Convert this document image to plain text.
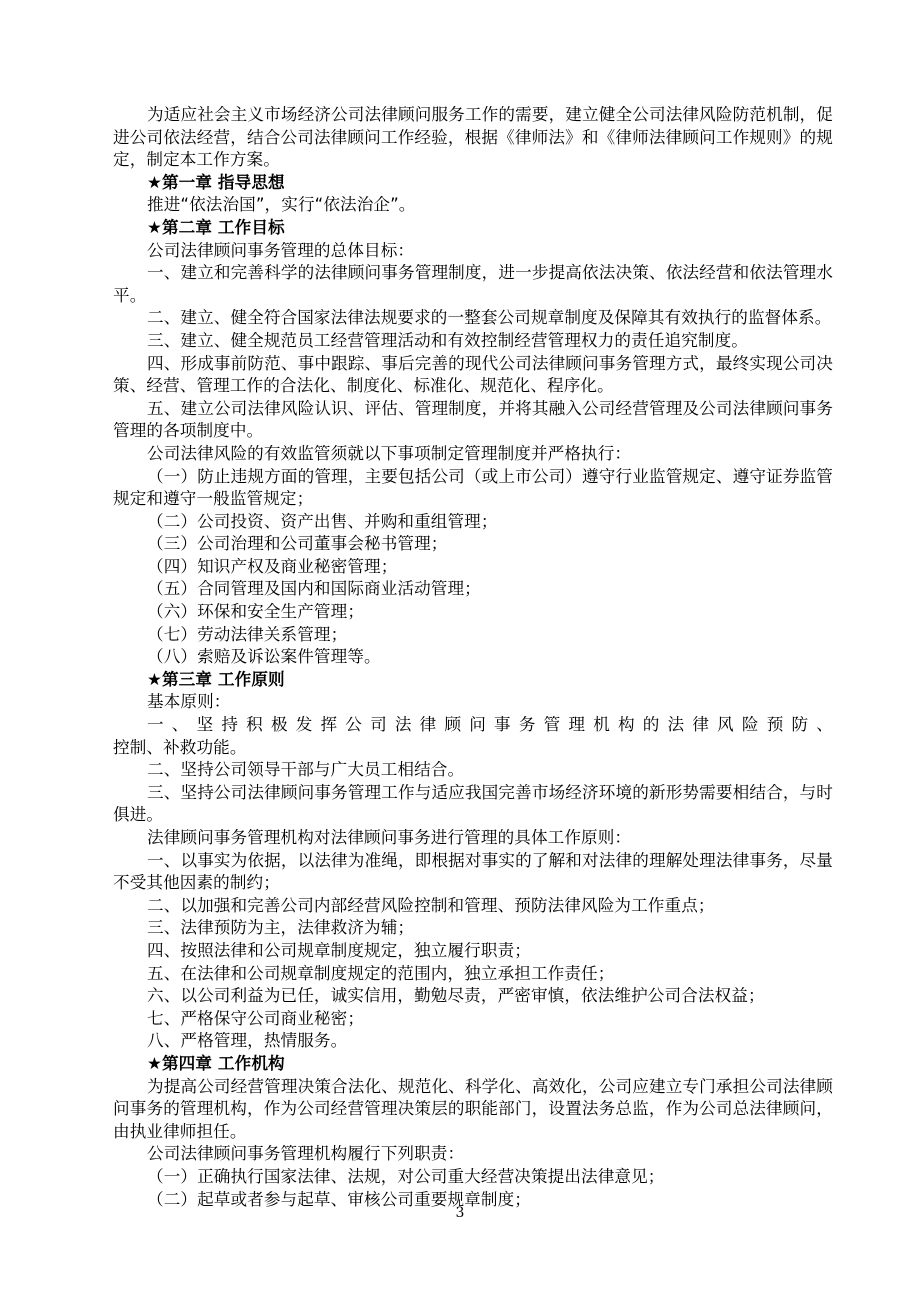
为适应社会主义市场经济公司法律顾问服务工作的需要，建立健全公司法律风险防范机制，促进公司依法经营，结合公司法律顾问工作经验，根据《律师法》和《律师法律顾问工作规则》的规定，制定本工作方案。

★第一章 指导思想

推进“依法治国”，实行“依法治企”。

★第二章 工作目标

公司法律顾问事务管理的总体目标：

一、建立和完善科学的法律顾问事务管理制度，进一步提高依法决策、依法经营和依法管理水平。

二、建立、健全符合国家法律法规要求的一整套公司规章制度及保障其有效执行的监督体系。

三、建立、健全规范员工经营管理活动和有效控制经营管理权力的责任追究制度。

四、形成事前防范、事中跟踪、事后完善的现代公司法律顾问事务管理方式，最终实现公司决策、经营、管理工作的合法化、制度化、标准化、规范化、程序化。

五、建立公司法律风险认识、评估、管理制度，并将其融入公司经营管理及公司法律顾问事务管理的各项制度中。

公司法律风险的有效监管须就以下事项制定管理制度并严格执行：

（一）防止违规方面的管理，主要包括公司（或上市公司）遵守行业监管规定、遵守证券监管规定和遵守一般监管规定；

（二）公司投资、资产出售、并购和重组管理；

（三）公司治理和公司董事会秘书管理；

（四）知识产权及商业秘密管理；

（五）合同管理及国内和国际商业活动管理；

（六）环保和安全生产管理；

（七）劳动法律关系管理；

（八）索赔及诉讼案件管理等。

★第三章 工作原则

基本原则：

一、坚持积极发挥公司法律顾问事务管理机构的法律风险预防、

控制、补救功能。

二、坚持公司领导干部与广大员工相结合。

三、坚持公司法律顾问事务管理工作与适应我国完善市场经济环境的新形势需要相结合，与时俱进。

法律顾问事务管理机构对法律顾问事务进行管理的具体工作原则：

一、以事实为依据，以法律为准绳，即根据对事实的了解和对法律的理解处理法律事务，尽量不受其他因素的制约；

二、以加强和完善公司内部经营风险控制和管理、预防法律风险为工作重点；

三、法律预防为主，法律救济为辅；

四、按照法律和公司规章制度规定，独立履行职责；

五、在法律和公司规章制度规定的范围内，独立承担工作责任；

六、以公司利益为已任，诚实信用，勤勉尽责，严密审慎，依法维护公司合法权益；

七、严格保守公司商业秘密；

八、严格管理，热情服务。

★第四章 工作机构

为提高公司经营管理决策合法化、规范化、科学化、高效化，公司应建立专门承担公司法律顾问事务的管理机构，作为公司经营管理决策层的职能部门，设置法务总监，作为公司总法律顾问，由执业律师担任。

公司法律顾问事务管理机构履行下列职责：

（一）正确执行国家法律、法规，对公司重大经营决策提出法律意见；

（二）起草或者参与起草、审核公司重要规章制度；

3
